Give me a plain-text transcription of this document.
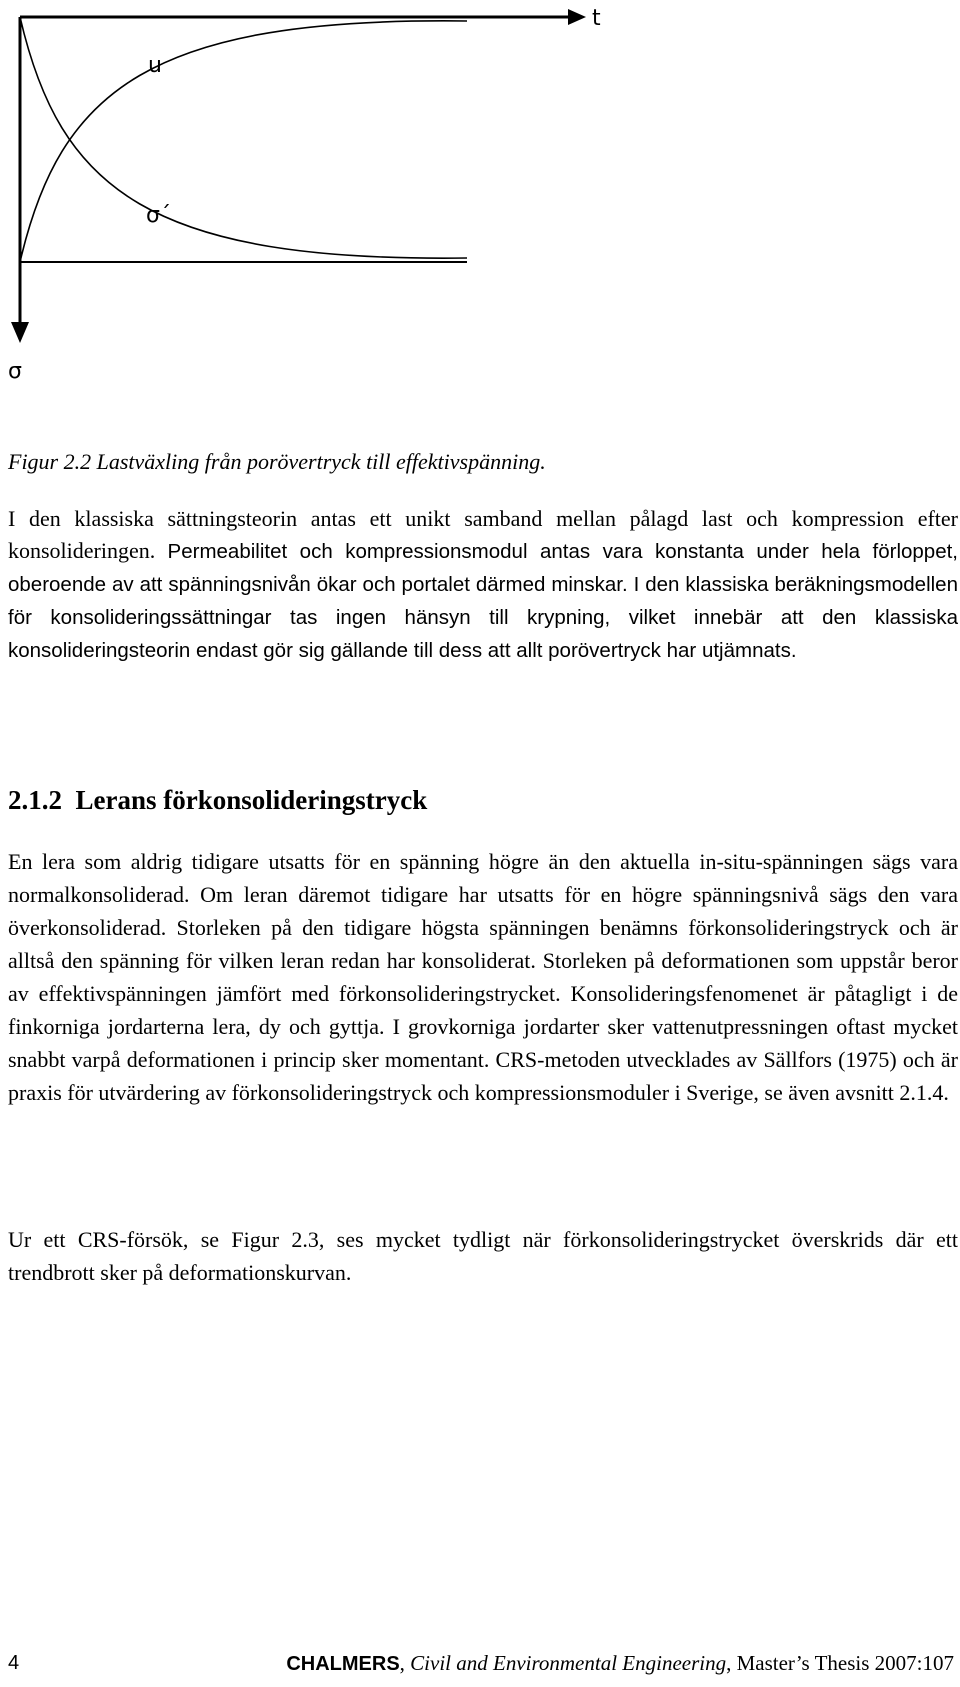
t
σ
u
σ´

Figur 2.2 Lastväxling från porövertryck till effektivspänning.

I den klassiska sättningsteorin antas ett unikt samband mellan pålagd last och kompression efter konsolideringen. Permeabilitet och kompressionsmodul antas vara konstanta under hela förloppet, oberoende av att spänningsnivån ökar och portalet därmed minskar. I den klassiska beräkningsmodellen för konsolideringssättningar tas ingen hänsyn till krypning, vilket innebär att den klassiska konsolideringsteorin endast gör sig gällande till dess att allt porövertryck har utjämnats.

2.1.2 Lerans förkonsolideringstryck

En lera som aldrig tidigare utsatts för en spänning högre än den aktuella in-situ-spänningen sägs vara normalkonsoliderad. Om leran däremot tidigare har utsatts för en högre spänningsnivå sägs den vara överkonsoliderad. Storleken på den tidigare högsta spänningen benämns förkonsolideringstryck och är alltså den spänning för vilken leran redan har konsoliderat. Storleken på deformationen som uppstår beror av effektivspänningen jämfört med förkonsolideringstrycket. Konsolideringsfenomenet är påtagligt i de finkorniga jordarterna lera, dy och gyttja. I grovkorniga jordarter sker vattenutpressningen oftast mycket snabbt varpå deformationen i princip sker momentant. CRS-metoden utvecklades av Sällfors (1975) och är praxis för utvärdering av förkonsolideringstryck och kompressionsmoduler i Sverige, se även avsnitt 2.1.4.

Ur ett CRS-försök, se Figur 2.3, ses mycket tydligt när förkonsolideringstrycket överskrids där ett trendbrott sker på deformationskurvan.

4	CHALMERS, Civil and Environmental Engineering, Master’s Thesis 2007:107
